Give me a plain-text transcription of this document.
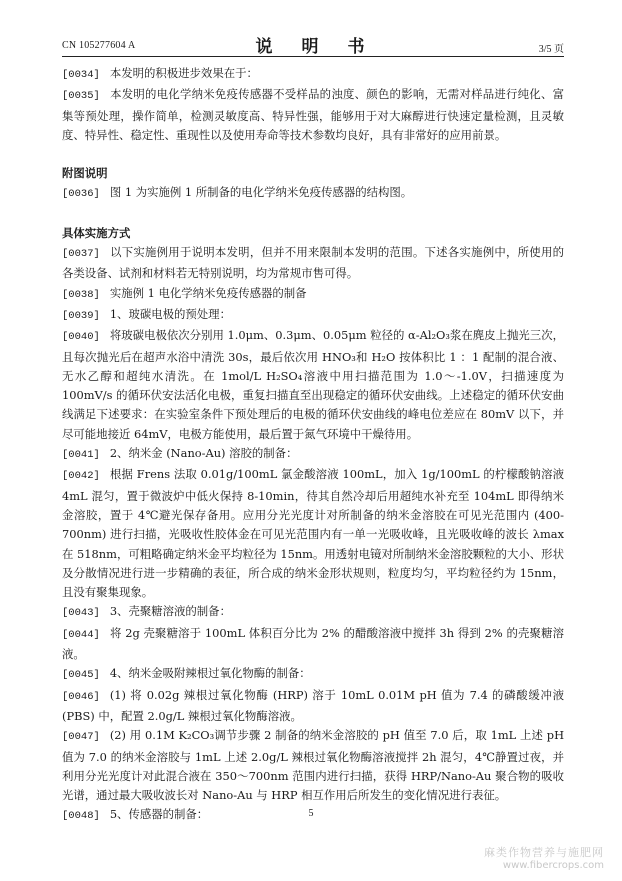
CN 105277604 A	说　明　书	3/5 页

[0034] 本发明的积极进步效果在于：

[0035] 本发明的电化学纳米免疫传感器不受样品的浊度、颜色的影响，无需对样品进行纯化、富集等预处理，操作简单，检测灵敏度高、特异性强，能够用于对大麻醇进行快速定量检测，且灵敏度、特异性、稳定性、重现性以及使用寿命等技术参数均良好，具有非常好的应用前景。

附图说明

[0036] 图 1 为实施例 1 所制备的电化学纳米免疫传感器的结构图。

具体实施方式

[0037] 以下实施例用于说明本发明，但并不用来限制本发明的范围。下述各实施例中，所使用的各类设备、试剂和材料若无特别说明，均为常规市售可得。

[0038] 实施例 1 电化学纳米免疫传感器的制备

[0039] 1、玻碳电极的预处理：

[0040] 将玻碳电极依次分别用 1.0μm、0.3μm、0.05μm 粒径的 α-Al₂O₃浆在麂皮上抛光三次，且每次抛光后在超声水浴中清洗 30s，最后依次用 HNO₃和 H₂O 按体积比 1 ：1 配制的混合液、无水乙醇和超纯水清洗。在 1mol/L H₂SO₄溶液中用扫描范围为 1.0～-1.0V，扫描速度为 100mV/s 的循环伏安法活化电极，重复扫描直至出现稳定的循环伏安曲线。上述稳定的循环伏安曲线满足下述要求：在实验室条件下预处理后的电极的循环伏安曲线的峰电位差应在 80mV 以下，并尽可能地接近 64mV，电极方能使用，最后置于氮气环境中干燥待用。

[0041] 2、纳米金 (Nano-Au) 溶胶的制备：

[0042] 根据 Frens 法取 0.01g/100mL 氯金酸溶液 100mL，加入 1g/100mL 的柠檬酸钠溶液 4mL 混匀，置于微波炉中低火保持 8-10min，待其自然冷却后用超纯水补充至 104mL 即得纳米金溶胶，置于 4℃避光保存备用。应用分光光度计对所制备的纳米金溶胶在可见光范围内 (400-700nm) 进行扫描，光吸收性胶体金在可见光范围内有一单一光吸收峰，且光吸收峰的波长 λmax 在 518nm，可粗略确定纳米金平均粒径为 15nm。用透射电镜对所制纳米金溶胶颗粒的大小、形状及分散情况进行进一步精确的表征，所合成的纳米金形状规则，粒度均匀，平均粒径约为 15nm，且没有聚集现象。

[0043] 3、壳聚糖溶液的制备：

[0044] 将 2g 壳聚糖溶于 100mL 体积百分比为 2% 的醋酸溶液中搅拌 3h 得到 2% 的壳聚糖溶液。

[0045] 4、纳米金吸附辣根过氧化物酶的制备：

[0046] (1) 将 0.02g 辣根过氧化物酶 (HRP) 溶于 10mL 0.01M pH 值为 7.4 的磷酸缓冲液 (PBS) 中，配置 2.0g/L 辣根过氧化物酶溶液。

[0047] (2) 用 0.1M K₂CO₃调节步骤 2 制备的纳米金溶胶的 pH 值至 7.0 后，取 1mL 上述 pH 值为 7.0 的纳米金溶胶与 1mL 上述 2.0g/L 辣根过氧化物酶溶液搅拌 2h 混匀，4℃静置过夜，并利用分光光度计对此混合液在 350～700nm 范围内进行扫描，获得 HRP/Nano-Au 聚合物的吸收光谱，通过最大吸收波长对 Nano-Au 与 HRP 相互作用后所发生的变化情况进行表征。

[0048] 5、传感器的制备：	5
麻类作物营养与施肥网
www.fibercrops.com
